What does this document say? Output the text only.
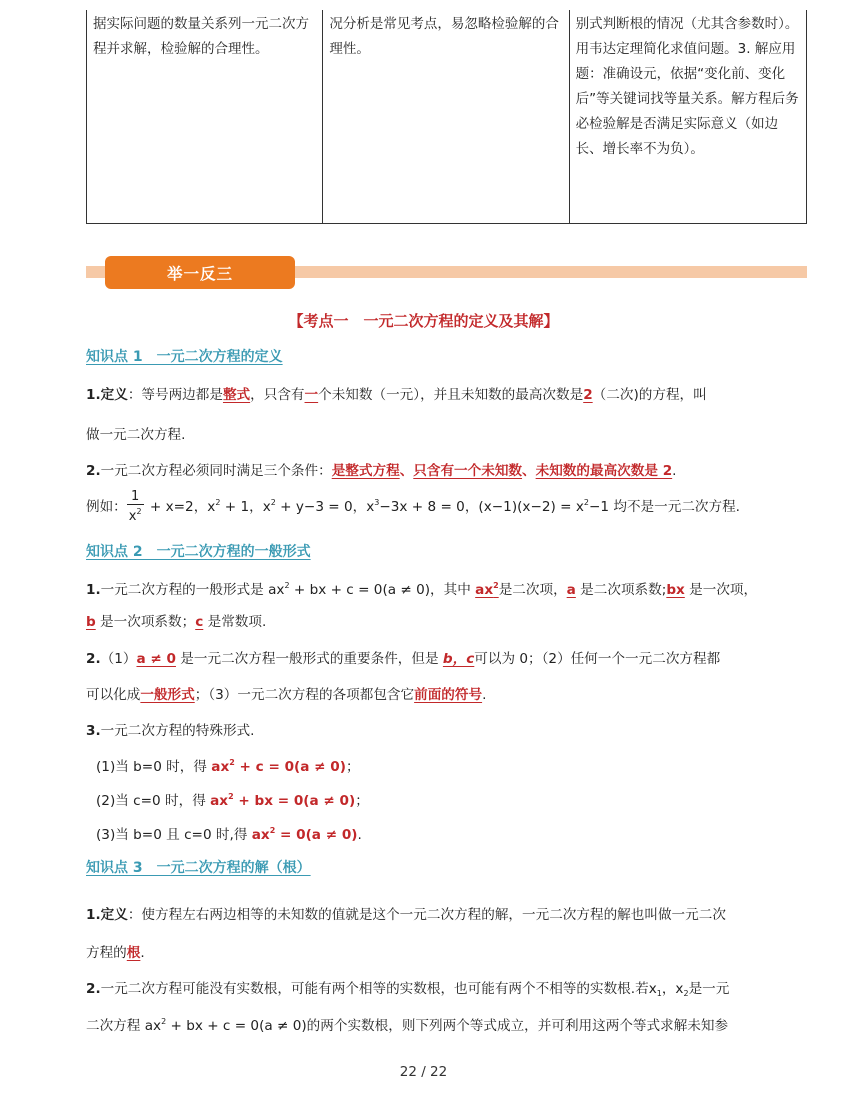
据实际问题的数量关系列一元二次方程并求解，检验解的合理性。
况分析是常见考点，易忽略检验解的合理性。
别式判断根的情况（尤其含参数时）。用韦达定理简化求值问题。3. 解应用题：准确设元，依据“变化前、变化后”等关键词找等量关系。解方程后务必检验解是否满足实际意义（如边长、增长率不为负）。
举一反三
【考点一　一元二次方程的定义及其解】
知识点 1　一元二次方程的定义
1.定义：等号两边都是整式，只含有一个未知数（一元），并且未知数的最高次数是2（二次)的方程，叫
做一元二次方程.
2.一元二次方程必须同时满足三个条件：是整式方程、只含有一个未知数、未知数的最高次数是 2.
例如： $\frac{1}{x^2} + x=2$，$x^2 + 1$，$x^2 + y-3 = 0$，$x^3-3x + 8 = 0$，$(x-1)(x-2) = x^2-1$ 均不是一元二次方程.
知识点 2　一元二次方程的一般形式
1.一元二次方程的一般形式是 $ax^2$ + bx + c = 0(a ≠ 0)，其中 $ax^2$是二次项，a 是二次项系数;bx 是一次项，
b 是一次项系数；c 是常数项.
2.（1）a ≠ 0 是一元二次方程一般形式的重要条件，但是 b，c可以为 0；（2）任何一个一元二次方程都
可以化成一般形式；（3）一元二次方程的各项都包含它前面的符号.
3.一元二次方程的特殊形式.
(1)当 b=0 时，得 $ax^2 + c = 0(a \ne 0)$；
(2)当 c=0 时，得 $ax^2$ + bx = 0(a ≠ 0)；
(3)当 b=0 且 c=0 时,得 $ax^2 = 0(a \ne 0)$.
知识点 3　一元二次方程的解（根）
1.定义：使方程左右两边相等的未知数的值就是这个一元二次方程的解，一元二次方程的解也叫做一元二次
方程的根.
2.一元二次方程可能没有实数根，可能有两个相等的实数根，也可能有两个不相等的实数根.若$x_1$，$x_2$是一元
二次方程 $ax^2$ + bx + c = 0(a ≠ 0)的两个实数根，则下列两个等式成立，并可利用这两个等式求解未知参
22 / 22
